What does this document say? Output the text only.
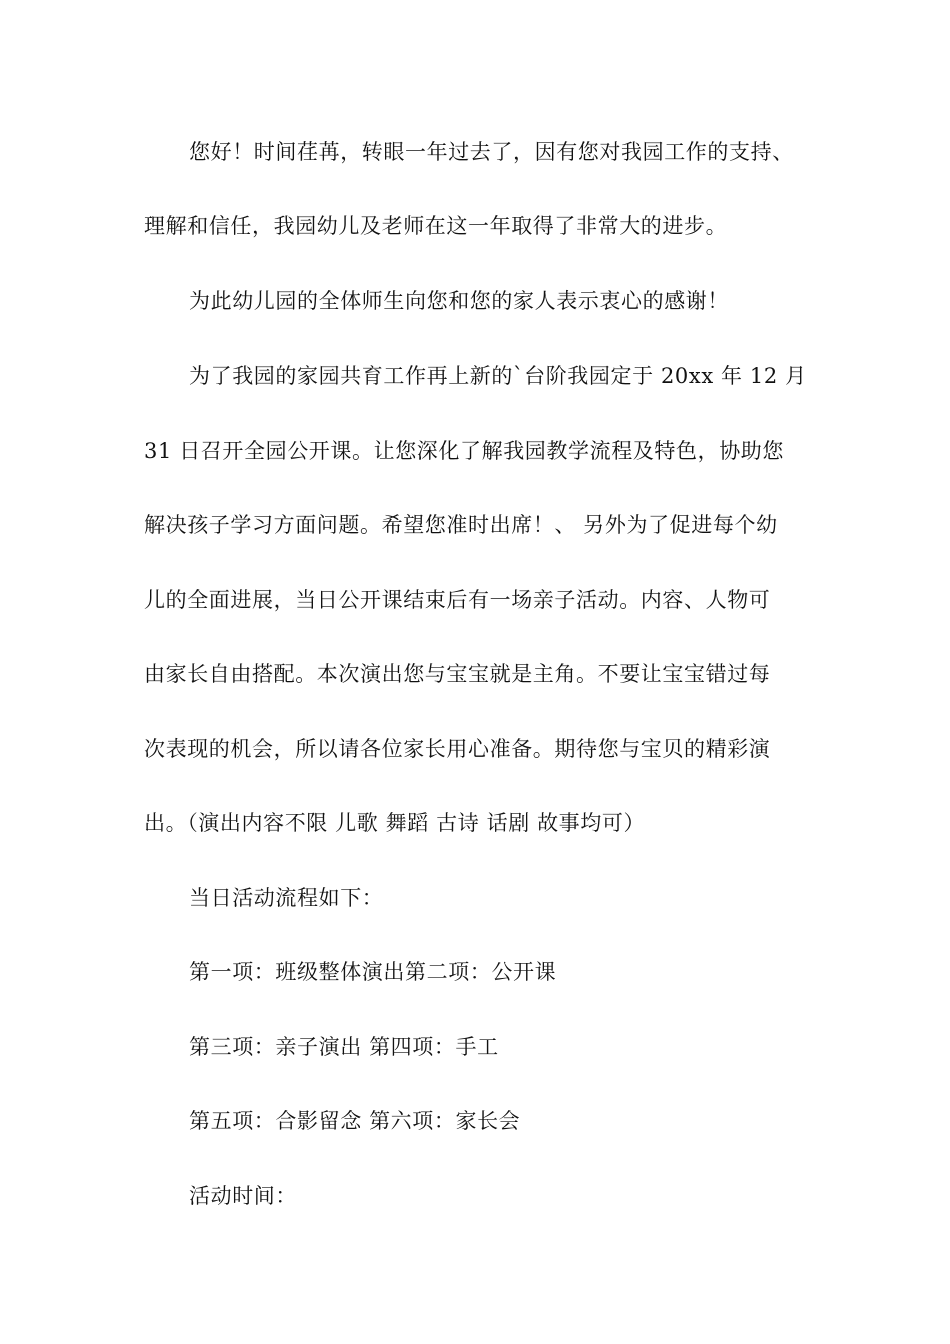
您好！时间荏苒，转眼一年过去了，因有您对我园工作的支持、
理解和信任，我园幼儿及老师在这一年取得了非常大的进步。
为此幼儿园的全体师生向您和您的家人表示衷心的感谢！
为了我园的家园共育工作再上新的`台阶我园定于 20xx 年 12 月
31 日召开全园公开课。让您深化了解我园教学流程及特色，协助您
解决孩子学习方面问题。希望您准时出席！、 另外为了促进每个幼
儿的全面进展，当日公开课结束后有一场亲子活动。内容、人物可
由家长自由搭配。本次演出您与宝宝就是主角。不要让宝宝错过每
次表现的机会，所以请各位家长用心准备。期待您与宝贝的精彩演
出。（演出内容不限 儿歌 舞蹈 古诗 话剧 故事均可）
当日活动流程如下：
第一项：班级整体演出第二项：公开课
第三项：亲子演出 第四项：手工
第五项：合影留念 第六项：家长会
活动时间：
